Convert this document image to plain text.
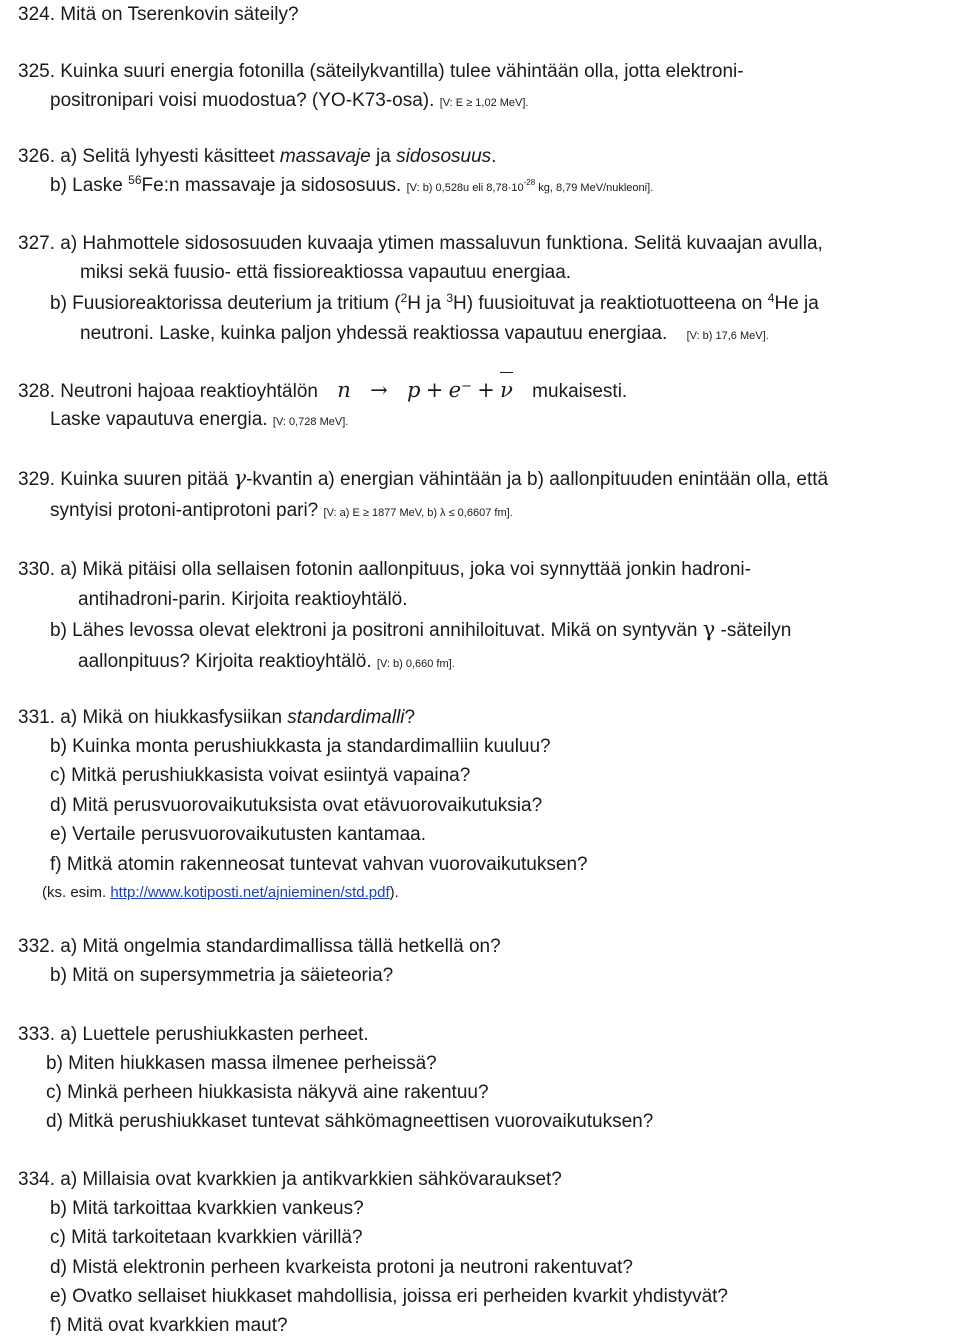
324. Mitä on Tserenkovin säteily?
325. Kuinka suuri energia fotonilla (säteilykvantilla) tulee vähintään olla, jotta elektroni-
positronipari voisi muodostua? (YO-K73-osa). [V: E ≥ 1,02 MeV].
326. a) Selitä lyhyesti käsitteet massavaje ja sidososuus.
b) Laske $^{56}$Fe:n massavaje ja sidososuus. [V: b) 0,528u eli $8,78\cdot 10^{-28}$ kg, 8,79 MeV/nukleoni].
327. a) Hahmottele sidososuuden kuvaaja ytimen massaluvun funktiona. Selitä kuvaajan avulla,
miksi sekä fuusio- että fissioreaktiossa vapautuu energiaa.
b) Fuusioreaktorissa deuterium ja tritium ($^2$H ja $^3$H) fuusioituvat ja reaktiotuotteena on $^4$He ja
neutroni. Laske, kuinka paljon yhdessä reaktiossa vapautuu energiaa. [V: b) 17,6 MeV].
328. Neutroni hajoaa reaktioyhtälön n → p + e− + ν mukaisesti.
Laske vapautuva energia. [V: 0,728 MeV].
329. Kuinka suuren pitää γ-kvantin a) energian vähintään ja b) aallonpituuden enintään olla, että
syntyisi protoni-antiprotoni pari? [V: a) E ≥ 1877 MeV, b) λ ≤ 0,6607 fm].
330. a) Mikä pitäisi olla sellaisen fotonin aallonpituus, joka voi synnyttää jonkin hadroni-
antihadroni-parin. Kirjoita reaktioyhtälö.
b) Lähes levossa olevat elektroni ja positroni annihiloituvat. Mikä on syntyvän γ -säteilyn
aallonpituus? Kirjoita reaktioyhtälö. [V: b) 0,660 fm].
331. a) Mikä on hiukkasfysiikan standardimalli?
b) Kuinka monta perushiukkasta ja standardimalliin kuuluu?
c) Mitkä perushiukkasista voivat esiintyä vapaina?
d) Mitä perusvuorovaikutuksista ovat etävuorovaikutuksia?
e) Vertaile perusvuorovaikutusten kantamaa.
f) Mitkä atomin rakenneosat tuntevat vahvan vuorovaikutuksen?
(ks. esim. http://www.kotiposti.net/ajnieminen/std.pdf).
332. a) Mitä ongelmia standardimallissa tällä hetkellä on?
b) Mitä on supersymmetria ja säieteoria?
333. a) Luettele perushiukkasten perheet.
b) Miten hiukkasen massa ilmenee perheissä?
c) Minkä perheen hiukkasista näkyvä aine rakentuu?
d) Mitkä perushiukkaset tuntevat sähkömagneettisen vuorovaikutuksen?
334. a) Millaisia ovat kvarkkien ja antikvarkkien sähkövaraukset?
b) Mitä tarkoittaa kvarkkien vankeus?
c) Mitä tarkoitetaan kvarkkien värillä?
d) Mistä elektronin perheen kvarkeista protoni ja neutroni rakentuvat?
e) Ovatko sellaiset hiukkaset mahdollisia, joissa eri perheiden kvarkit yhdistyvät?
f) Mitä ovat kvarkkien maut?
